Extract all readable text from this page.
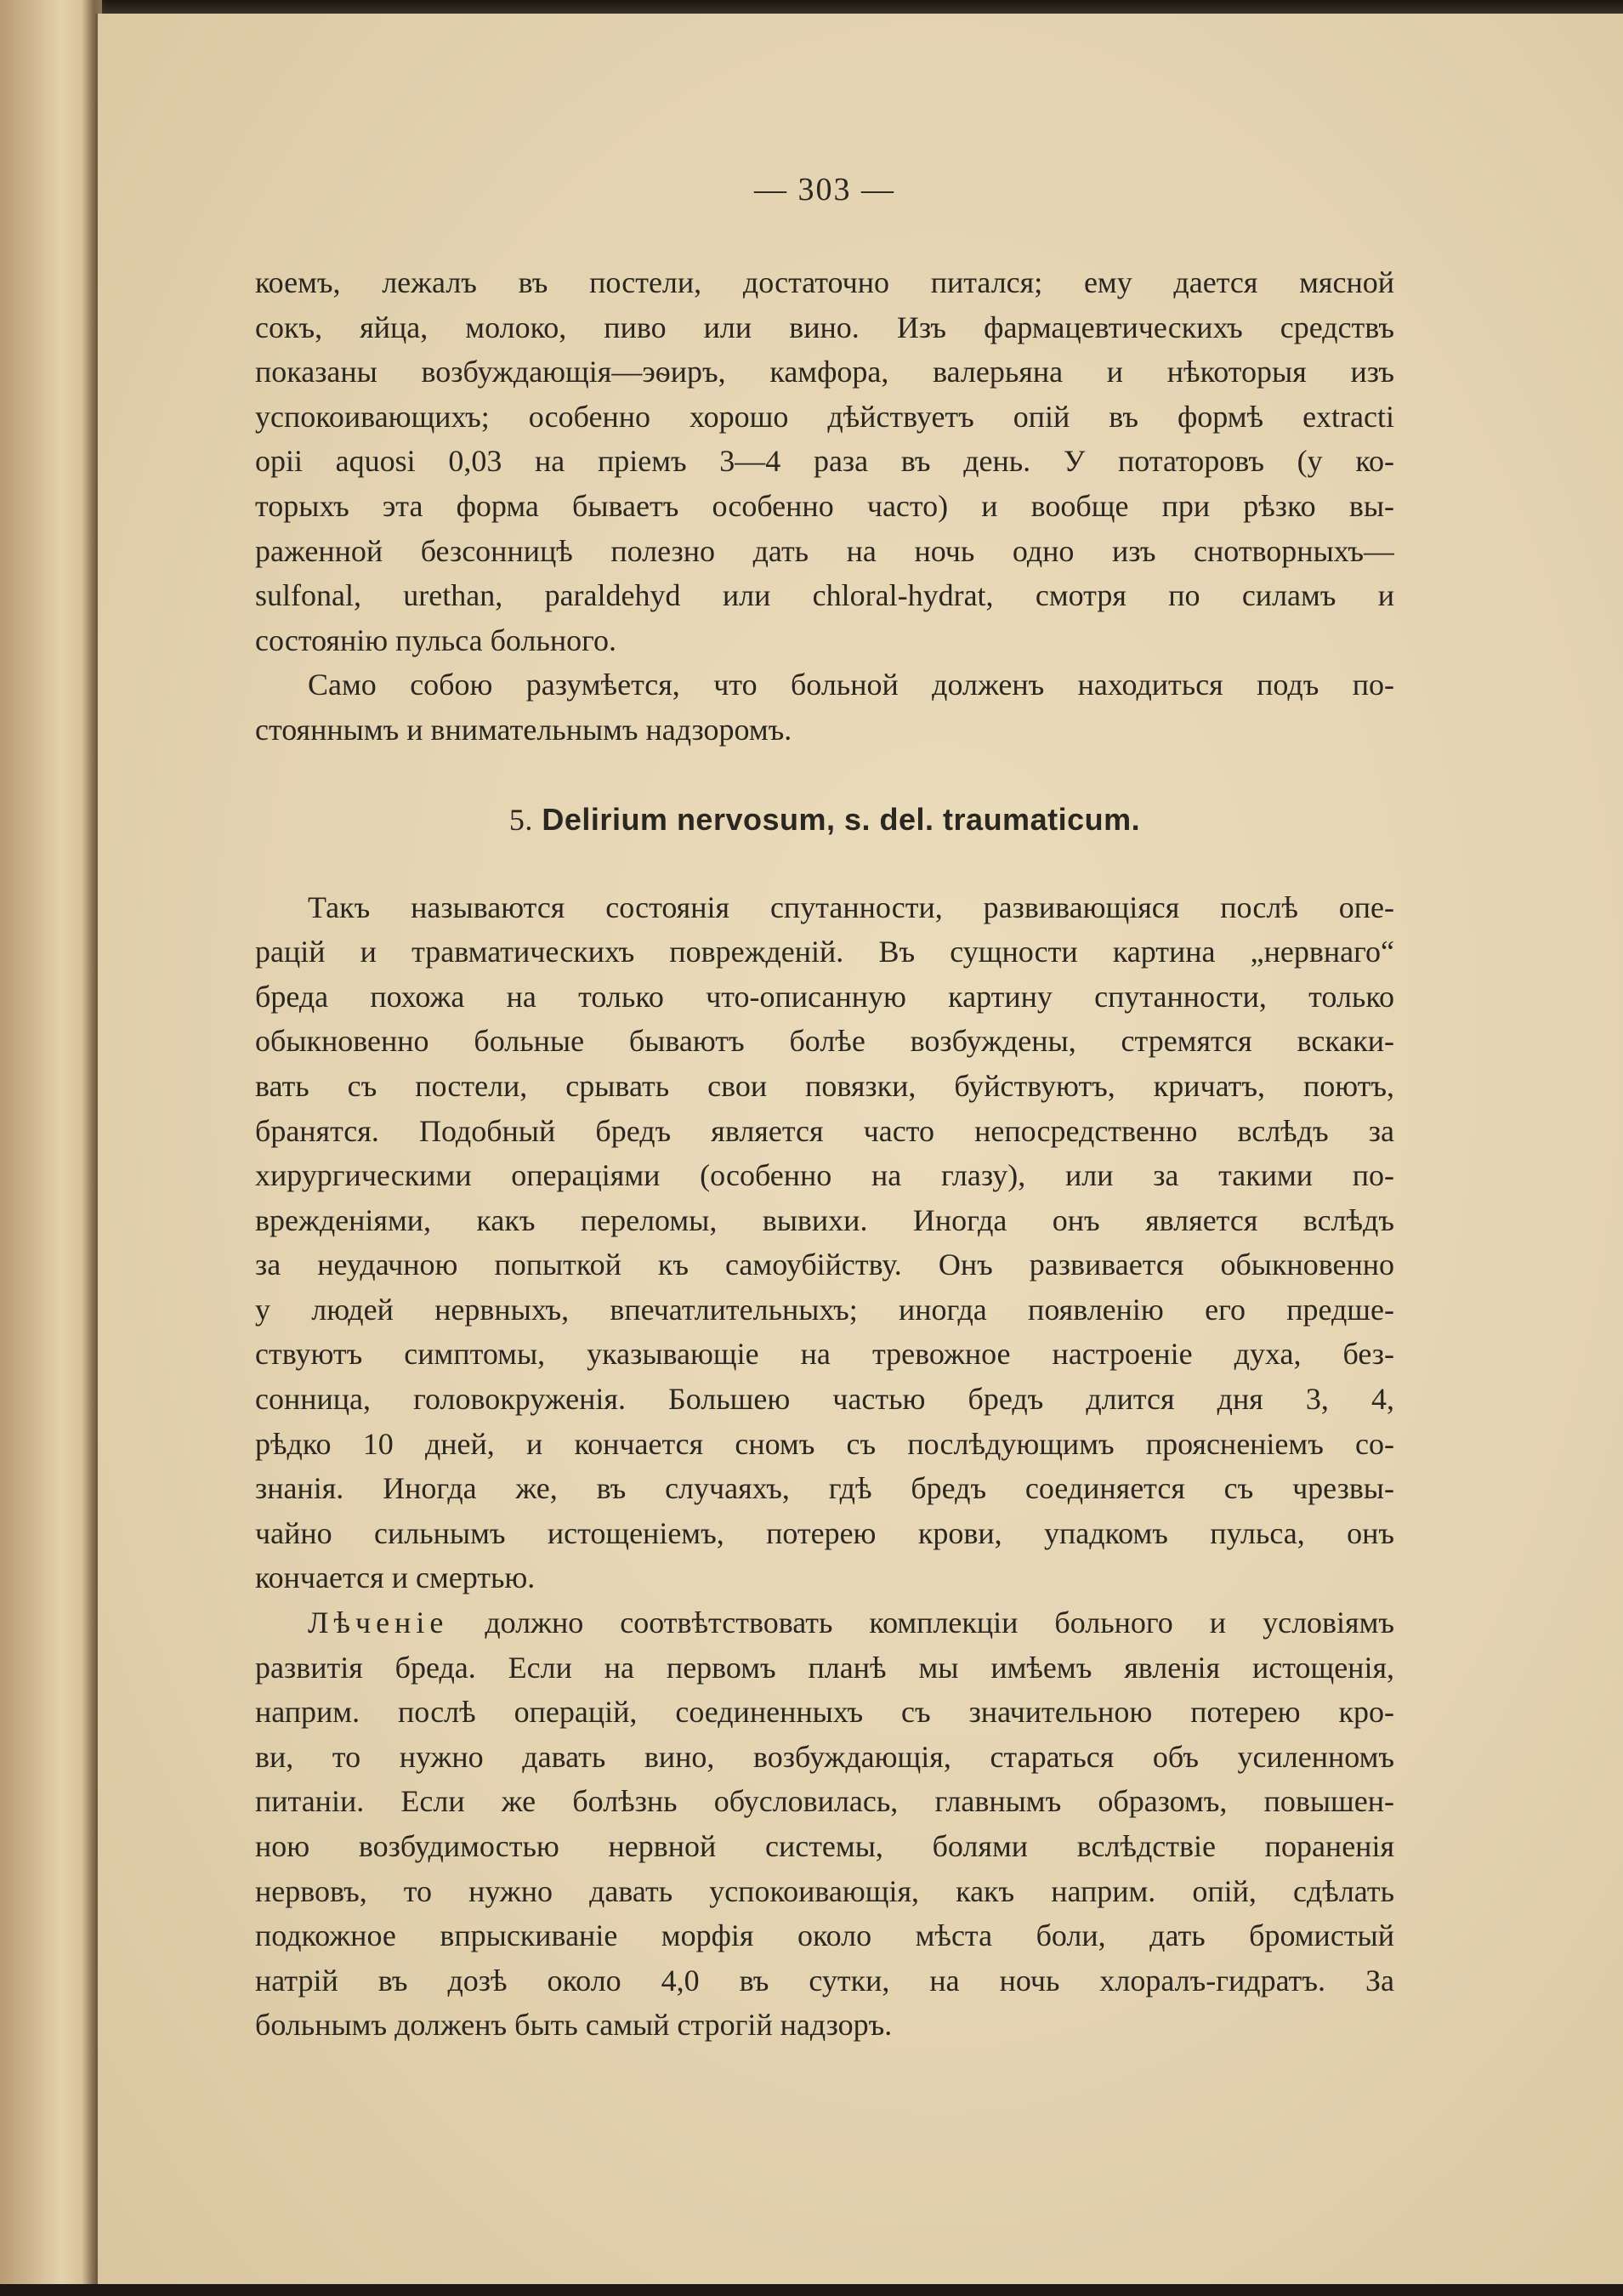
— 303 —
коемъ, лежалъ въ постели, достаточно питался; ему дается мясной
сокъ, яйца, молоко, пиво или вино. Изъ фармацевтическихъ средствъ
показаны возбуждающія—эѳиръ, камфора, валерьяна и нѣкоторыя изъ
успокоивающихъ; особенно хорошо дѣйствуетъ опій въ формѣ extracti
opii aquosi 0,03 на пріемъ 3—4 раза въ день. У потаторовъ (у ко-
торыхъ эта форма бываетъ особенно часто) и вообще при рѣзко вы-
раженной безсонницѣ полезно дать на ночь одно изъ снотворныхъ—
sulfonal, urethan, paraldehyd или chloral-hydrat, смотря по силамъ и
состоянію пульса больного.
Само собою разумѣется, что больной долженъ находиться подъ по-
стояннымъ и внимательнымъ надзоромъ.
5. Delirium nervosum, s. del. traumaticum.
Такъ называются состоянія спутанности, развивающіяся послѣ опе-
рацій и травматическихъ поврежденій. Въ сущности картина „нервнаго“
бреда похожа на только что-описанную картину спутанности, только
обыкновенно больные бываютъ болѣе возбуждены, стремятся вскаки-
вать съ постели, срывать свои повязки, буйствуютъ, кричатъ, поютъ,
бранятся. Подобный бредъ является часто непосредственно вслѣдъ за
хирургическими операціями (особенно на глазу), или за такими по-
врежденіями, какъ переломы, вывихи. Иногда онъ является вслѣдъ
за неудачною попыткой къ самоубійству. Онъ развивается обыкновенно
у людей нервныхъ, впечатлительныхъ; иногда появленію его предше-
ствуютъ симптомы, указывающіе на тревожное настроеніе духа, без-
сонница, головокруженія. Большею частью бредъ длится дня 3, 4,
рѣдко 10 дней, и кончается сномъ съ послѣдующимъ проясненіемъ со-
знанія. Иногда же, въ случаяхъ, гдѣ бредъ соединяется съ чрезвы-
чайно сильнымъ истощеніемъ, потерею крови, упадкомъ пульса, онъ
кончается и смертью.
Лѣченіе должно соотвѣтствовать комплекціи больного и условіямъ
развитія бреда. Если на первомъ планѣ мы имѣемъ явленія истощенія,
наприм. послѣ операцій, соединенныхъ съ значительною потерею кро-
ви, то нужно давать вино, возбуждающія, стараться объ усиленномъ
питаніи. Если же болѣзнь обусловилась, главнымъ образомъ, повышен-
ною возбудимостью нервной системы, болями вслѣдствіе пораненія
нервовъ, то нужно давать успокоивающія, какъ наприм. опій, сдѣлать
подкожное впрыскиваніе морфія около мѣста боли, дать бромистый
натрій въ дозѣ около 4,0 въ сутки, на ночь хлоралъ-гидратъ. За
больнымъ долженъ быть самый строгій надзоръ.
